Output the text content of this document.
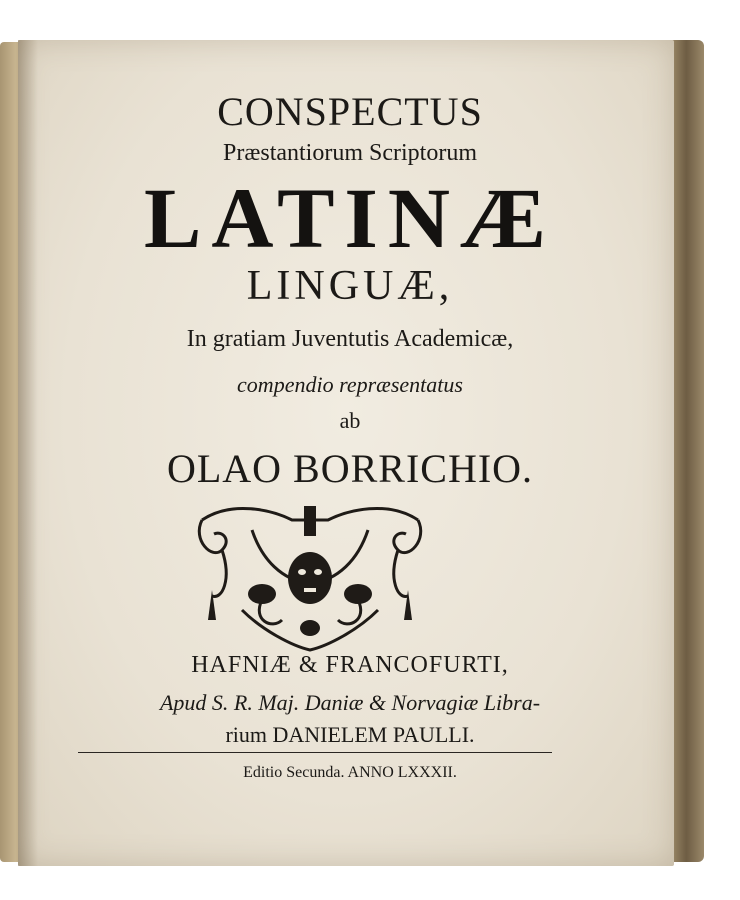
CONSPECTUS
Præstantiorum Scriptorum
LATINÆ
LINGUÆ,
In gratiam Juventutis Academicæ,
compendio repræsentatus
ab
OLAO BORRICHIO.
HAFNIÆ & FRANCOFURTI,
Apud S. R. Maj. Daniæ & Norvagiæ Libra-
rium DANIELEM PAULLI.
Editio Secunda. ANNO LXXXII.
